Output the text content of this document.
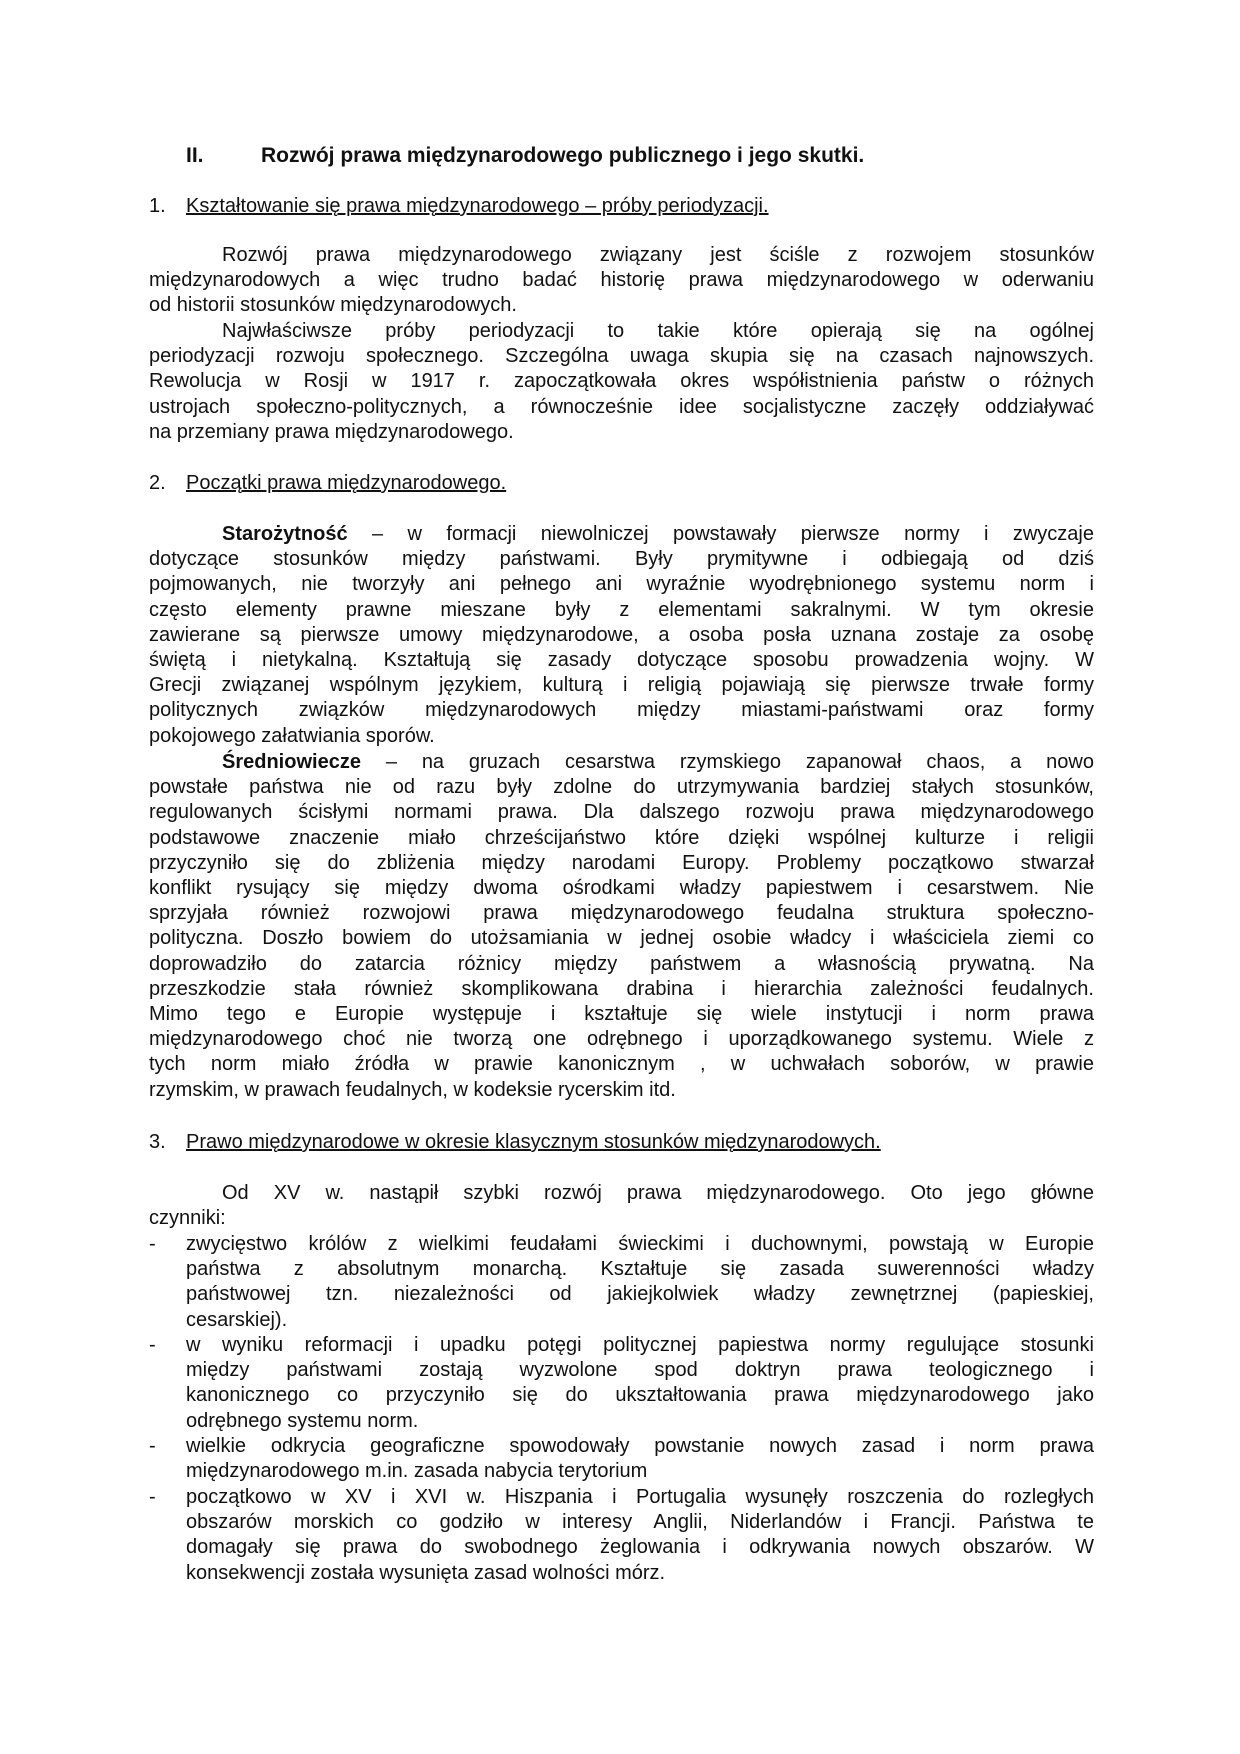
II.	Rozwój prawa międzynarodowego publicznego i jego skutki.
1. Kształtowanie się prawa międzynarodowego – próby periodyzacji.
Rozwój prawa międzynarodowego związany jest ściśle z rozwojem stosunków
międzynarodowych a więc trudno badać historię prawa międzynarodowego w oderwaniu
od historii stosunków międzynarodowych.
Najwłaściwsze próby periodyzacji to takie które opierają się na ogólnej
periodyzacji rozwoju społecznego. Szczególna uwaga skupia się na czasach najnowszych.
Rewolucja w Rosji w 1917 r. zapoczątkowała okres współistnienia państw o różnych
ustrojach społeczno-politycznych, a równocześnie idee socjalistyczne zaczęły oddziaływać
na przemiany prawa międzynarodowego.
2. Początki prawa międzynarodowego.
Starożytność – w formacji niewolniczej powstawały pierwsze normy i zwyczaje
dotyczące stosunków między państwami. Były prymitywne i odbiegają od dziś
pojmowanych, nie tworzyły ani pełnego ani wyraźnie wyodrębnionego systemu norm i
często elementy prawne mieszane były z elementami sakralnymi. W tym okresie
zawierane są pierwsze umowy międzynarodowe, a osoba posła uznana zostaje za osobę
świętą i nietykalną. Kształtują się zasady dotyczące sposobu prowadzenia wojny. W
Grecji związanej wspólnym językiem, kulturą i religią pojawiają się pierwsze trwałe formy
politycznych związków międzynarodowych między miastami-państwami oraz formy
pokojowego załatwiania sporów.
Średniowiecze – na gruzach cesarstwa rzymskiego zapanował chaos, a nowo
powstałe państwa nie od razu były zdolne do utrzymywania bardziej stałych stosunków,
regulowanych ścisłymi normami prawa. Dla dalszego rozwoju prawa międzynarodowego
podstawowe znaczenie miało chrześcijaństwo które dzięki wspólnej kulturze i religii
przyczyniło się do zbliżenia między narodami Europy. Problemy początkowo stwarzał
konflikt rysujący się między dwoma ośrodkami władzy papiestwem i cesarstwem. Nie
sprzyjała również rozwojowi prawa międzynarodowego feudalna struktura społeczno-
polityczna. Doszło bowiem do utożsamiania w jednej osobie władcy i właściciela ziemi co
doprowadziło do zatarcia różnicy między państwem a własnością prywatną. Na
przeszkodzie stała również skomplikowana drabina i hierarchia zależności feudalnych.
Mimo tego e Europie występuje i kształtuje się wiele instytucji i norm prawa
międzynarodowego choć nie tworzą one odrębnego i uporządkowanego systemu. Wiele z
tych norm miało źródła w prawie kanonicznym , w uchwałach soborów, w prawie
rzymskim, w prawach feudalnych, w kodeksie rycerskim itd.
3. Prawo międzynarodowe w okresie klasycznym stosunków międzynarodowych.
Od XV w. nastąpił szybki rozwój prawa międzynarodowego. Oto jego główne
czynniki:
- zwycięstwo królów z wielkimi feudałami świeckimi i duchownymi, powstają w Europie
państwa z absolutnym monarchą. Kształtuje się zasada suwerenności władzy
państwowej tzn. niezależności od jakiejkolwiek władzy zewnętrznej (papieskiej,
cesarskiej).
- w wyniku reformacji i upadku potęgi politycznej papiestwa normy regulujące stosunki
między państwami zostają wyzwolone spod doktryn prawa teologicznego i
kanonicznego co przyczyniło się do ukształtowania prawa międzynarodowego jako
odrębnego systemu norm.
- wielkie odkrycia geograficzne spowodowały powstanie nowych zasad i norm prawa
międzynarodowego m.in. zasada nabycia terytorium
- początkowo w XV i XVI w. Hiszpania i Portugalia wysunęły roszczenia do rozległych
obszarów morskich co godziło w interesy Anglii, Niderlandów i Francji. Państwa te
domagały się prawa do swobodnego żeglowania i odkrywania nowych obszarów. W
konsekwencji została wysunięta zasad wolności mórz.
